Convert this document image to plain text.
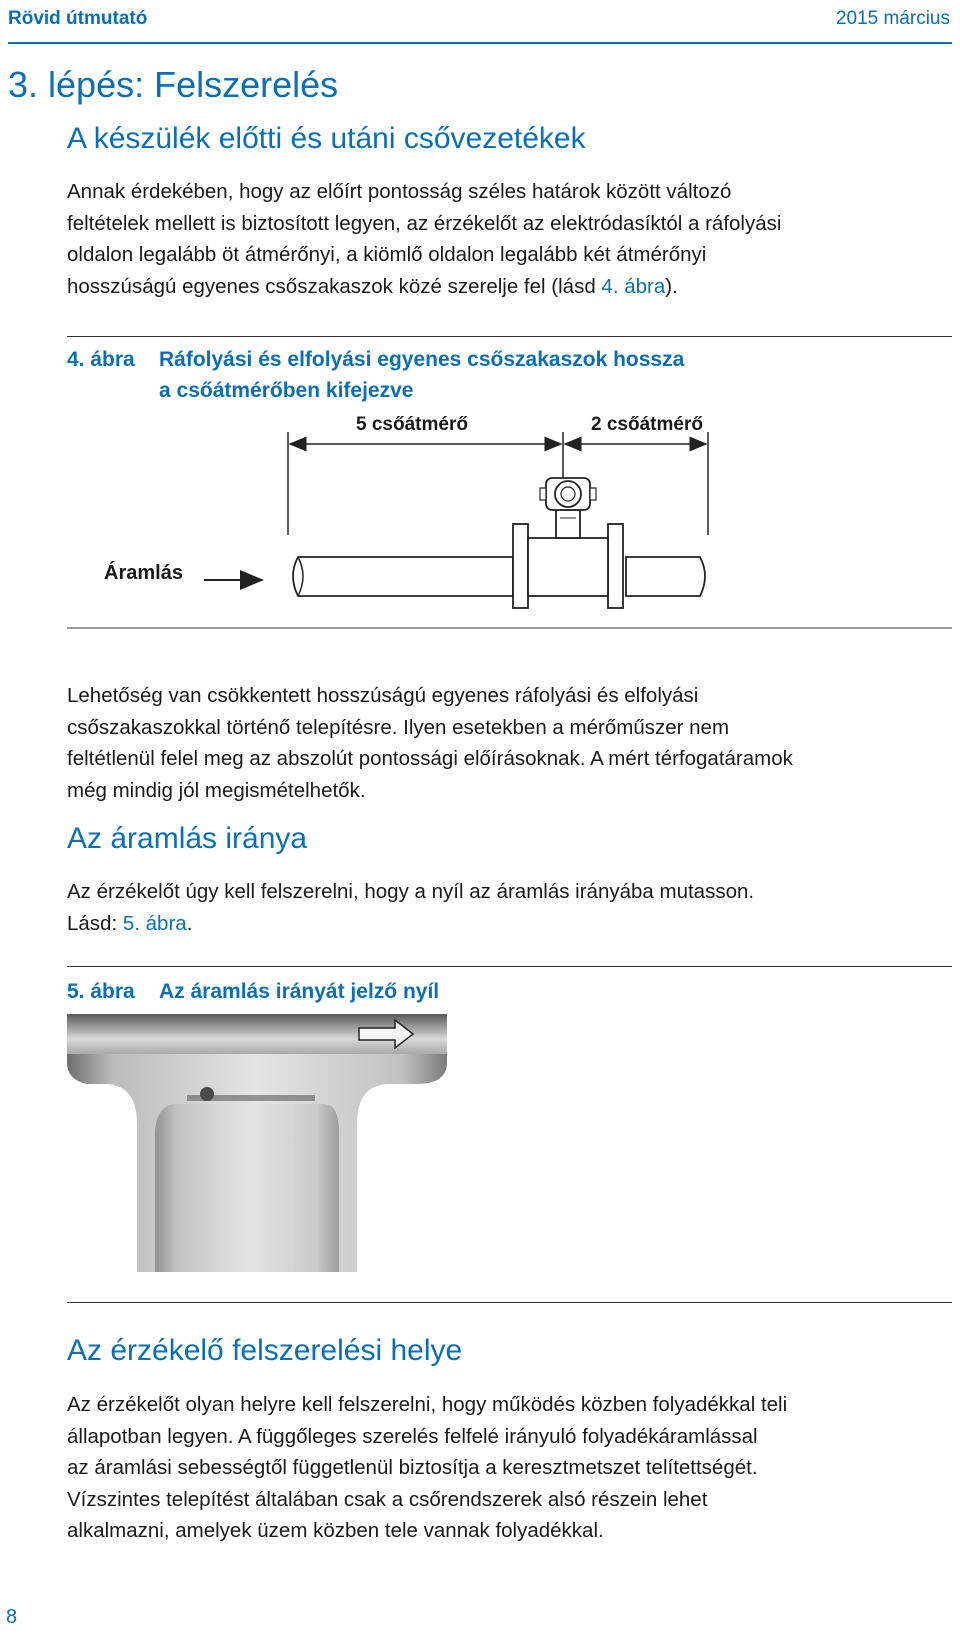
Rövid útmutató	2015 március
3. lépés: Felszerelés
A készülék előtti és utáni csővezetékek
Annak érdekében, hogy az előírt pontosság széles határok között változó
feltételek mellett is biztosított legyen, az érzékelőt az elektródasíktól a ráfolyási
oldalon legalább öt átmérőnyi, a kiömlő oldalon legalább két átmérőnyi
hosszúságú egyenes csőszakaszok közé szerelje fel (lásd 4. ábra).
4. ábra Ráfolyási és elfolyási egyenes csőszakaszok hossza
a csőátmérőben kifejezve
5 csőátmérő	2 csőátmérő
Áramlás
Lehetőség van csökkentett hosszúságú egyenes ráfolyási és elfolyási
csőszakaszokkal történő telepítésre. Ilyen esetekben a mérőműszer nem
feltétlenül felel meg az abszolút pontossági előírásoknak. A mért térfogatáramok
még mindig jól megismételhetők.
Az áramlás iránya
Az érzékelőt úgy kell felszerelni, hogy a nyíl az áramlás irányába mutasson.
Lásd: 5. ábra.
5. ábra Az áramlás irányát jelző nyíl
Az érzékelő felszerelési helye
Az érzékelőt olyan helyre kell felszerelni, hogy működés közben folyadékkal teli
állapotban legyen. A függőleges szerelés felfelé irányuló folyadékáramlással
az áramlási sebességtől függetlenül biztosítja a keresztmetszet telítettségét.
Vízszintes telepítést általában csak a csőrendszerek alsó részein lehet
alkalmazni, amelyek üzem közben tele vannak folyadékkal.
8
